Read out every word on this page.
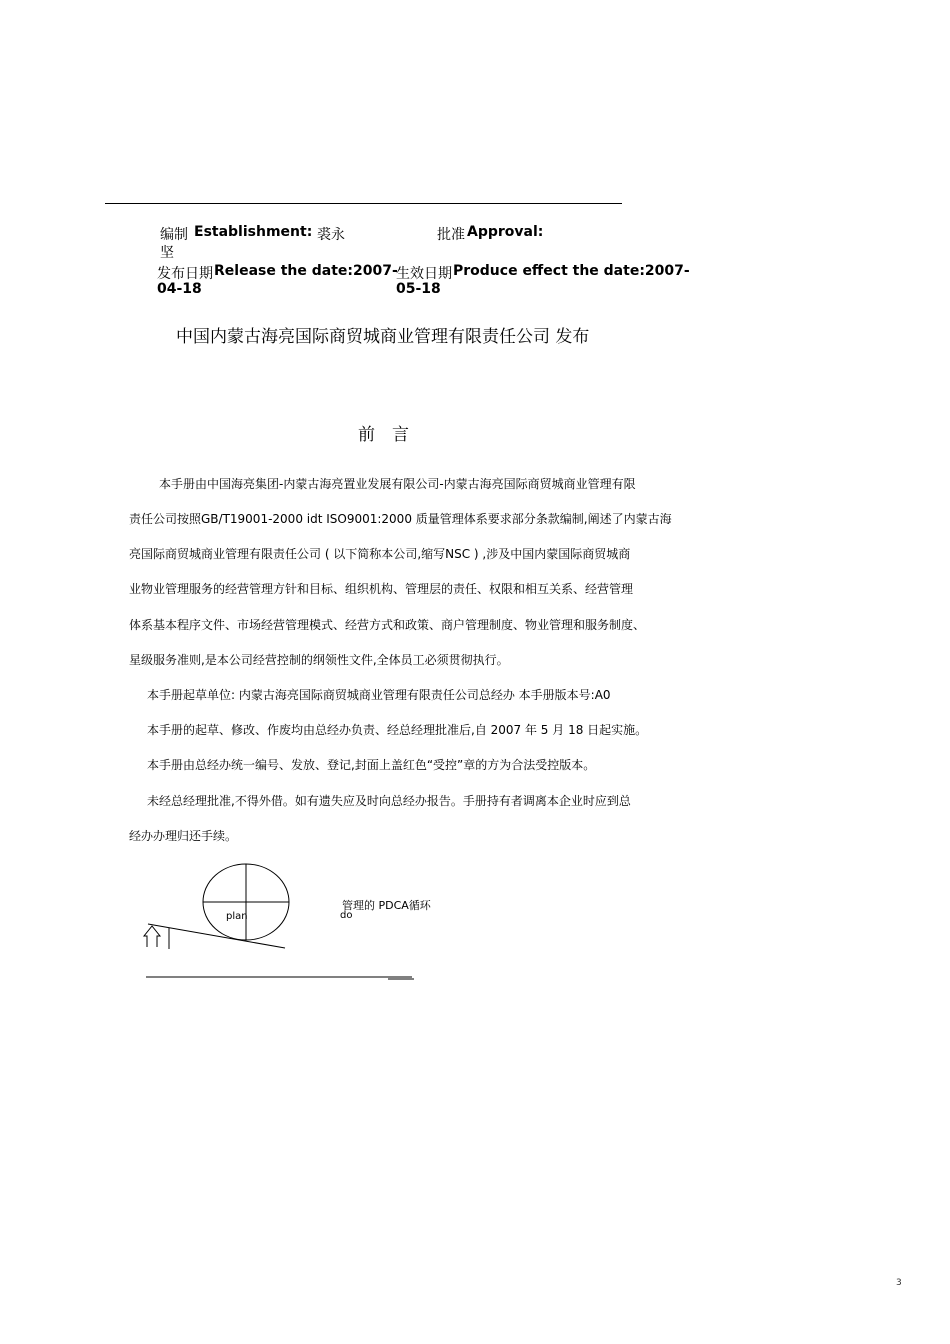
编制 Establishment: 裘永
坚
批准 Approval:
发布日期 Release the date:2007-
04-18
生效日期 Produce effect the date:2007-
05-18
中国内蒙古海亮国际商贸城商业管理有限责任公司 发布
前　言
本手册由中国海亮集团-内蒙古海亮置业发展有限公司-内蒙古海亮国际商贸城商业管理有限
责任公司按照GB/T19001-2000 idt ISO9001:2000 质量管理体系要求部分条款编制,阐述了内蒙古海
亮国际商贸城商业管理有限责任公司 ( 以下简称本公司,缩写NSC ) ,涉及中国内蒙国际商贸城商
业物业管理服务的经营管理方针和目标、组织机构、管理层的责任、权限和相互关系、经营管理
体系基本程序文件、市场经营管理模式、经营方式和政策、商户管理制度、物业管理和服务制度、
星级服务准则,是本公司经营控制的纲领性文件,全体员工必须贯彻执行。
本手册起草单位: 内蒙古海亮国际商贸城商业管理有限责任公司总经办 本手册版本号:A0
本手册的起草、修改、作废均由总经办负责、经总经理批准后,自 2007 年 5 月 18 日起实施。
本手册由总经办统一编号、发放、登记,封面上盖红色“受控”章的方为合法受控版本。
未经总经理批准,不得外借。如有遗失应及时向总经办报告。手册持有者调离本企业时应到总
经办办理归还手续。
plan
管理的 PDCA循环
do
3
